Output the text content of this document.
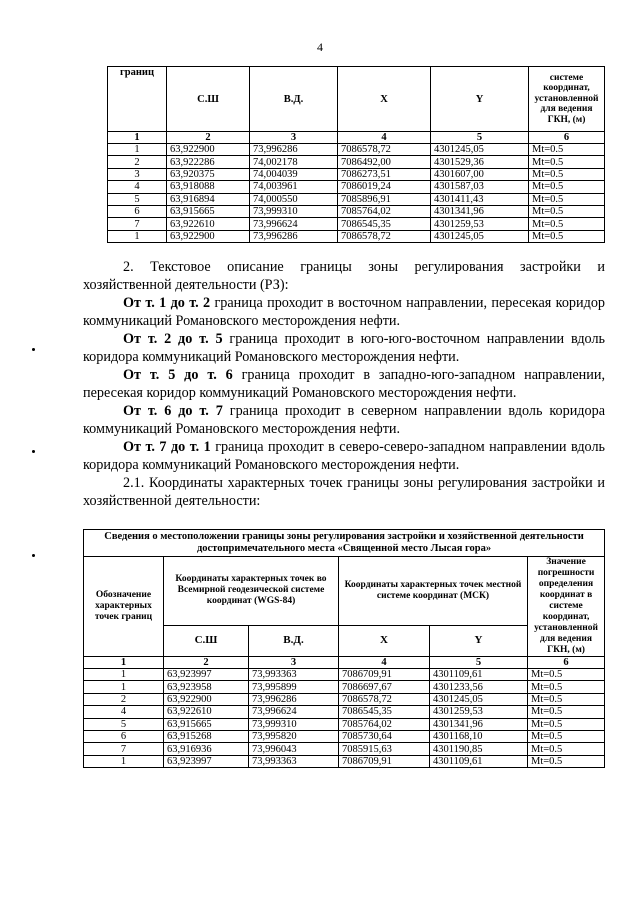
4
границ	С.Ш	В.Д.	X	Y	системе координат, установленной для ведения ГКН, (м)
1	2	3	4	5	6
1	63,922900	73,996286	7086578,72	4301245,05	Mt=0.5
2	63,922286	74,002178	7086492,00	4301529,36	Mt=0.5
3	63,920375	74,004039	7086273,51	4301607,00	Mt=0.5
4	63,918088	74,003961	7086019,24	4301587,03	Mt=0.5
5	63,916894	74,000550	7085896,91	4301411,43	Mt=0.5
6	63,915665	73,999310	7085764,02	4301341,96	Mt=0.5
7	63,922610	73,996624	7086545,35	4301259,53	Mt=0.5
1	63,922900	73,996286	7086578,72	4301245,05	Mt=0.5

2. Текстовое описание границы зоны регулирования застройки и

хозяйственной деятельности (РЗ):

От т. 1 до т. 2 граница проходит в восточном направлении, пересекая коридор коммуникаций Романовского месторождения нефти.

От т. 2 до т. 5 граница проходит в юго-юго-восточном направлении вдоль коридора коммуникаций Романовского месторождения нефти.

От т. 5 до т. 6 граница проходит в западно-юго-западном направлении, пересекая коридор коммуникаций Романовского месторождения нефти.

От т. 6 до т. 7 граница проходит в северном направлении вдоль коридора коммуникаций Романовского месторождения нефти.

От т. 7 до т. 1 граница проходит в северо-северо-западном направлении вдоль коридора коммуникаций Романовского месторождения нефти.

2.1. Координаты характерных точек границы зоны регулирования застройки и хозяйственной деятельности:

Сведения о местоположении границы зоны регулирования застройки и хозяйственной деятельности достопримечательного места «Священной место Лысая гора»					
Обозначение характерных точек границ	Координаты характерных точек во Всемирной геодезической системе координат (WGS-84)		Координаты характерных точек местной системе координат (МСК)		Значение погрешности определения координат в системе координат, установленной для ведения ГКН, (м)
	С.Ш	В.Д.	X	Y	
1	2	3	4	5	6
1	63,923997	73,993363	7086709,91	4301109,61	Mt=0.5
1	63,923958	73,995899	7086697,67	4301233,56	Mt=0.5
2	63,922900	73,996286	7086578,72	4301245,05	Mt=0.5
4	63,922610	73,996624	7086545,35	4301259,53	Mt=0.5
5	63,915665	73,999310	7085764,02	4301341,96	Mt=0.5
6	63,915268	73,995820	7085730,64	4301168,10	Mt=0.5
7	63,916936	73,996043	7085915,63	4301190,85	Mt=0.5
1	63,923997	73,993363	7086709,91	4301109,61	Mt=0.5
